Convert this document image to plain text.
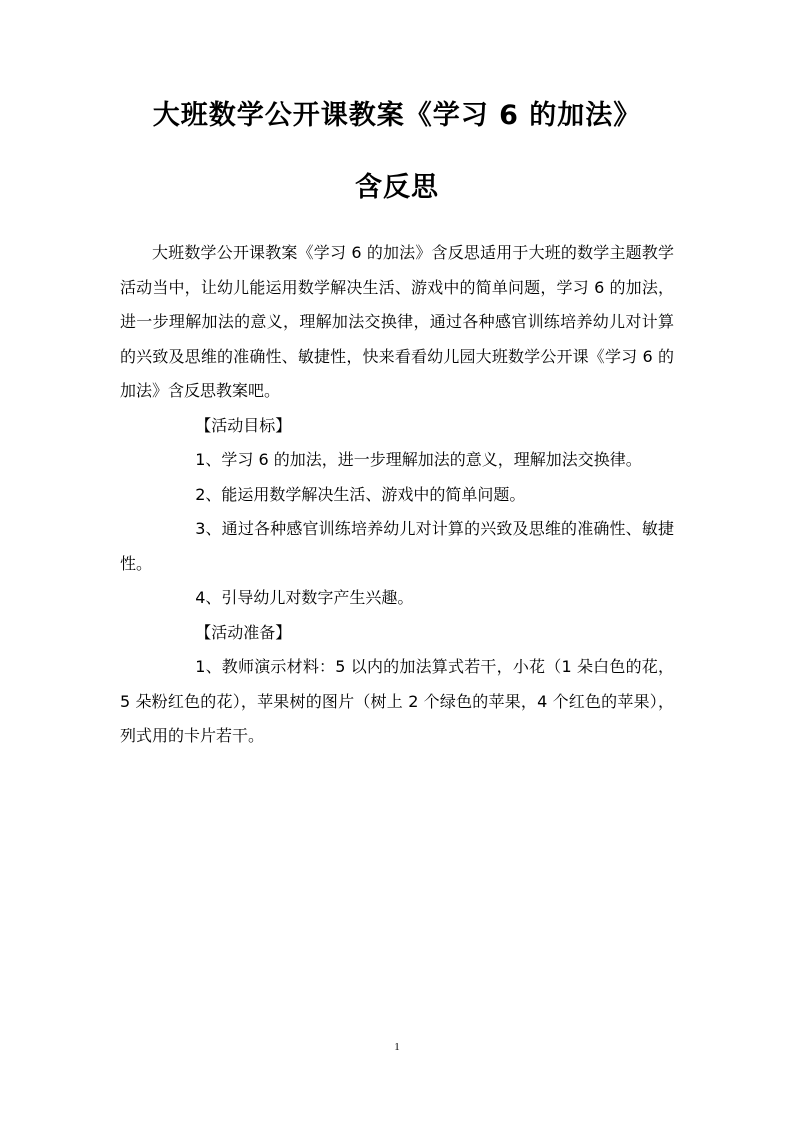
大班数学公开课教案《学习 6 的加法》
含反思

大班数学公开课教案《学习 6 的加法》含反思适用于大班的数学主题教学活动当中，让幼儿能运用数学解决生活、游戏中的简单问题，学习 6 的加法，进一步理解加法的意义，理解加法交换律，通过各种感官训练培养幼儿对计算的兴致及思维的准确性、敏捷性，快来看看幼儿园大班数学公开课《学习 6 的加法》含反思教案吧。

【活动目标】

1、学习 6 的加法，进一步理解加法的意义，理解加法交换律。

2、能运用数学解决生活、游戏中的简单问题。

3、通过各种感官训练培养幼儿对计算的兴致及思维的准确性、敏捷性。

4、引导幼儿对数字产生兴趣。

【活动准备】

1、教师演示材料：5 以内的加法算式若干，小花（1 朵白色的花，5 朵粉红色的花），苹果树的图片（树上 2 个绿色的苹果，4 个红色的苹果），列式用的卡片若干。

1
